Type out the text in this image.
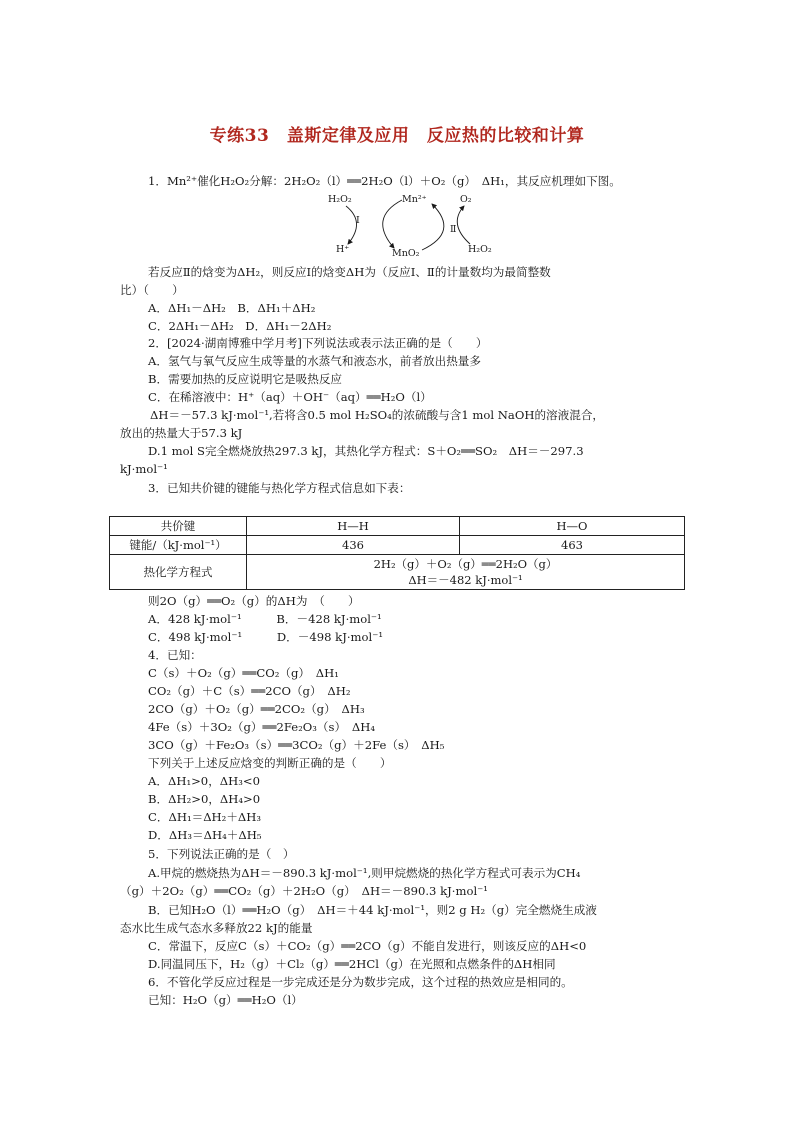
专练33　盖斯定律及应用　反应热的比较和计算
1．Mn²⁺催化H₂O₂分解：2H₂O₂（l）══2H₂O（l）＋O₂（g）　ΔH₁，其反应机理如下图。
H₂O₂	Mn²⁺	O₂
Ⅰ
Ⅱ
H⁺	MnO₂	H₂O₂
若反应Ⅱ的焓变为ΔH₂，则反应Ⅰ的焓变ΔH为（反应Ⅰ、Ⅱ的计量数均为最简整数
比）（　　）
A．ΔH₁－ΔH₂　B．ΔH₁＋ΔH₂
C．2ΔH₁－ΔH₂　D．ΔH₁－2ΔH₂
2．[2024·湖南博雅中学月考]下列说法或表示法正确的是（　　）
A．氢气与氧气反应生成等量的水蒸气和液态水，前者放出热量多
B．需要加热的反应说明它是吸热反应
C．在稀溶液中：H⁺（aq）＋OH⁻（aq）══H₂O（l）
ΔH＝－57.3 kJ·mol⁻¹,若将含0.5 mol H₂SO₄的浓硫酸与含1 mol NaOH的溶液混合，
放出的热量大于57.3 kJ
D.1 mol S完全燃烧放热297.3 kJ，其热化学方程式：S＋O₂══SO₂　ΔH＝－297.3
kJ·mol⁻¹
3．已知共价键的键能与热化学方程式信息如下表：
共价键	H—H	H—O
键能/（kJ·mol⁻¹）	436	463
热化学方程式	2H₂（g）＋O₂（g）══2H₂O（g）
ΔH＝－482 kJ·mol⁻¹	
则2O（g）══O₂（g）的ΔH为　（　　）
A．428 kJ·mol⁻¹　　　B．－428 kJ·mol⁻¹
C．498 kJ·mol⁻¹　　　D．－498 kJ·mol⁻¹
4．已知：
C（s）＋O₂（g）══CO₂（g）　ΔH₁
CO₂（g）＋C（s）══2CO（g）　ΔH₂
2CO（g）＋O₂（g）══2CO₂（g）　ΔH₃
4Fe（s）＋3O₂（g）══2Fe₂O₃（s）　ΔH₄
3CO（g）＋Fe₂O₃（s）══3CO₂（g）＋2Fe（s）　ΔH₅
下列关于上述反应焓变的判断正确的是（　　）
A．ΔH₁>0，ΔH₃<0
B．ΔH₂>0，ΔH₄>0
C．ΔH₁＝ΔH₂＋ΔH₃
D．ΔH₃＝ΔH₄＋ΔH₅
5．下列说法正确的是（　）
A.甲烷的燃烧热为ΔH＝－890.3 kJ·mol⁻¹,则甲烷燃烧的热化学方程式可表示为CH₄
（g）＋2O₂（g）══CO₂（g）＋2H₂O（g）　ΔH＝－890.3 kJ·mol⁻¹
B．已知H₂O（l）══H₂O（g）　ΔH＝＋44 kJ·mol⁻¹，则2 g H₂（g）完全燃烧生成液
态水比生成气态水多释放22 kJ的能量
C．常温下，反应C（s）＋CO₂（g）══2CO（g）不能自发进行，则该反应的ΔH<0
D.同温同压下，H₂（g）＋Cl₂（g）══2HCl（g）在光照和点燃条件的ΔH相同
6．不管化学反应过程是一步完成还是分为数步完成，这个过程的热效应是相同的。
已知：H₂O（g）══H₂O（l）
